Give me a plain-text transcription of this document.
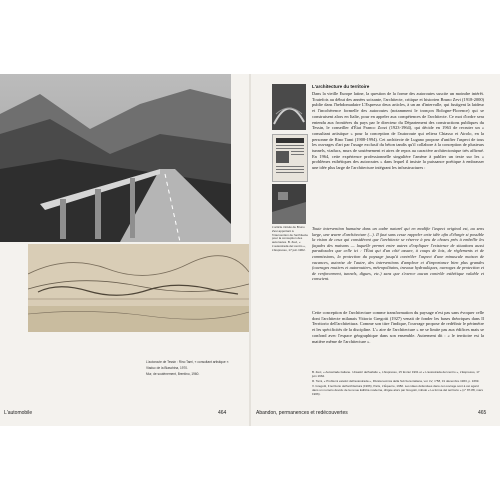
L'autoroute de Tessin : Rino Tami, « consultant artistique ».

Viaduc de la Biaschina, 1970.

Mur, de soutènement, Brentino, 1960.

L'automobile	464
L'article intitulé de Bruno Zevi apportant à l'intervention de l'architecte pour la conception des autoroutes. B. Zevi, « L'autostrada del centro », L'Espresso, 17 juin 1962.
L'architecture du territoire
Dans la vieille Europe latine, la question de la forme des autoroutes suscite un moindre intérêt. Toutefois au début des années soixante, l'architecte, critique et historien Bruno Zevi (1918-2000) publie dans l'hebdomadaire L'Espresso deux articles, à un an d'intervalle, qui fustigent la laideur et l'incohérence formelle des autoroutes (notamment le tronçon Bologne-Florence) qui se construisent alors en Italie, pour en appeler aux compétences de l'architecte. Ce mot d'ordre sera entendu aux frontières du pays par le directeur du Département des constructions publiques du Tessin, le conseiller d'État Franco Zorzi (1923-1964), qui décide en 1963 de recruter un « consultant artistique » pour la conception de l'autoroute qui reliera Chiasso et Airolo, en la personne de Rino Tami (1908-1994). Cet architecte de Lugano propose d'unifier l'aspect de tous les ouvrages d'art par l'usage exclusif du béton tandis qu'il collabore à la conception de plusieurs tunnels, viaducs, murs de soutènement et aires de repos au caractère architectonique très affirmé. En 1964, cette expérience professionnelle singulière l'amène à publier un texte sur les « problèmes esthétiques des autoroutes » dans lequel il insiste la puissance poétique à embrasser une idée plus large de l'architecture intégrant les infrastructures :
Toute intervention humaine dans un cadre naturel qui en modifie l'aspect original est, au sens large, une œuvre d'architecture (...). Il faut sans cesse rappeler cette idée afin d'élargir si possible la vision de ceux qui considèrent que l'architecte se réserve à peu de choses près à embellir les façades des maisons — laquelle permet entre autres d'expliquer l'existence de situations aussi paradoxales que celle ici : l'État qui d'un côté assure, à coups de lois, de règlements et de commissions, la protection du paysage jusqu'à contrôler l'aspect d'une minuscule maison de vacances, autorise de l'autre, des interventions d'ampleur et d'importance bien plus grandes (ouvrages routiers et autoroutiers, métropolitains, travaux hydrauliques, ouvrages de protection et de renforcement, tunnels, digues, etc.) sans que s'exerce aucun contrôle esthétique valable et conscient.
Cette conception de l'architecture comme transformation du paysage n'est pas sans évoquer celle dont l'architecte milanais Vittorio Gregotti (1927) venait de fonder les bases théoriques dans Il Territorio dell'architettura. Comme son titre l'indique, l'ouvrage propose de redéfinir le périmètre et les spécificités de la discipline. L'« aire de l'architecture » ne se limite pas aux édifices mais se confond avec l'espace géographique dans son ensemble. Autrement dit : « le territoire est la matière même de l'architecture ».

B. Zevi, « Autostrade italiane. I disastri dell'asfalto », L'Espresso, 15 février 1961 et « L'autostrada del centro », L'Espresso, 17 juin 1962.

R. Tami, « Problemi estetici dell'autostrada », Rivista tecnica della Svizzera italiana, vol. LV, n°58, 31 décembre 1963, p. 1669.

V. Gregotti, Il territorio dell'architettura (1966), Paris, L'Équerre, 1982. Les idées défendues dans cet ouvrage sont à cet égard dans un numéro dévolu de la revue Edilizia moderna, dirigée alors par Gregotti, intitulé « La forma del territorio » (n° 87-88, mars 1966).

Abandon, permanences et redécouvertes	465
